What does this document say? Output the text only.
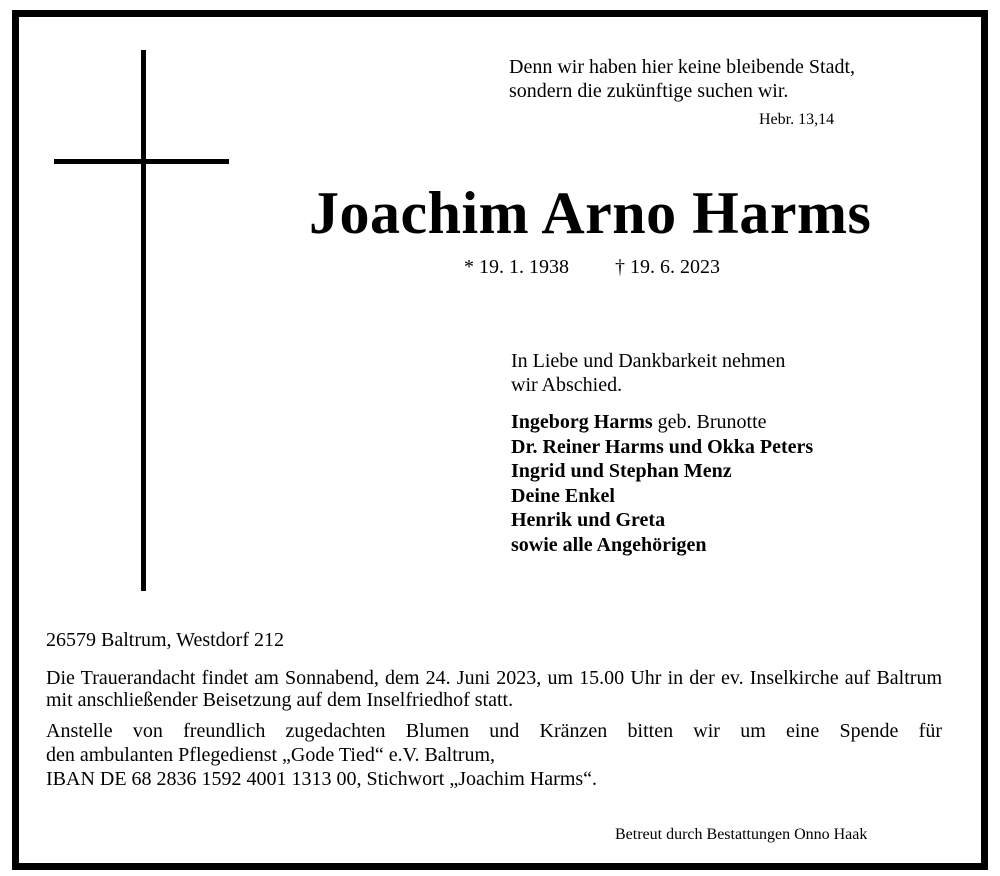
Denn wir haben hier keine bleibende Stadt,
sondern die zukünftige suchen wir.
Hebr. 13,14
Joachim Arno Harms
* 19. 1. 1938 † 19. 6. 2023
In Liebe und Dankbarkeit nehmen
wir Abschied.
Ingeborg Harms geb. Brunotte
Dr. Reiner Harms und Okka Peters
Ingrid und Stephan Menz
Deine Enkel
Henrik und Greta
sowie alle Angehörigen
26579 Baltrum, Westdorf 212
Die Trauerandacht findet am Sonnabend, dem 24. Juni 2023, um 15.00 Uhr in der ev. Inselkirche auf Baltrum mit anschließender Beisetzung auf dem Inselfriedhof statt.
Anstelle von freundlich zugedachten Blumen und Kränzen bitten wir um eine Spende für
den ambulanten Pflegedienst „Gode Tied“ e.V. Baltrum,
IBAN DE 68 2836 1592 4001 1313 00, Stichwort „Joachim Harms“.
Betreut durch Bestattungen Onno Haak
